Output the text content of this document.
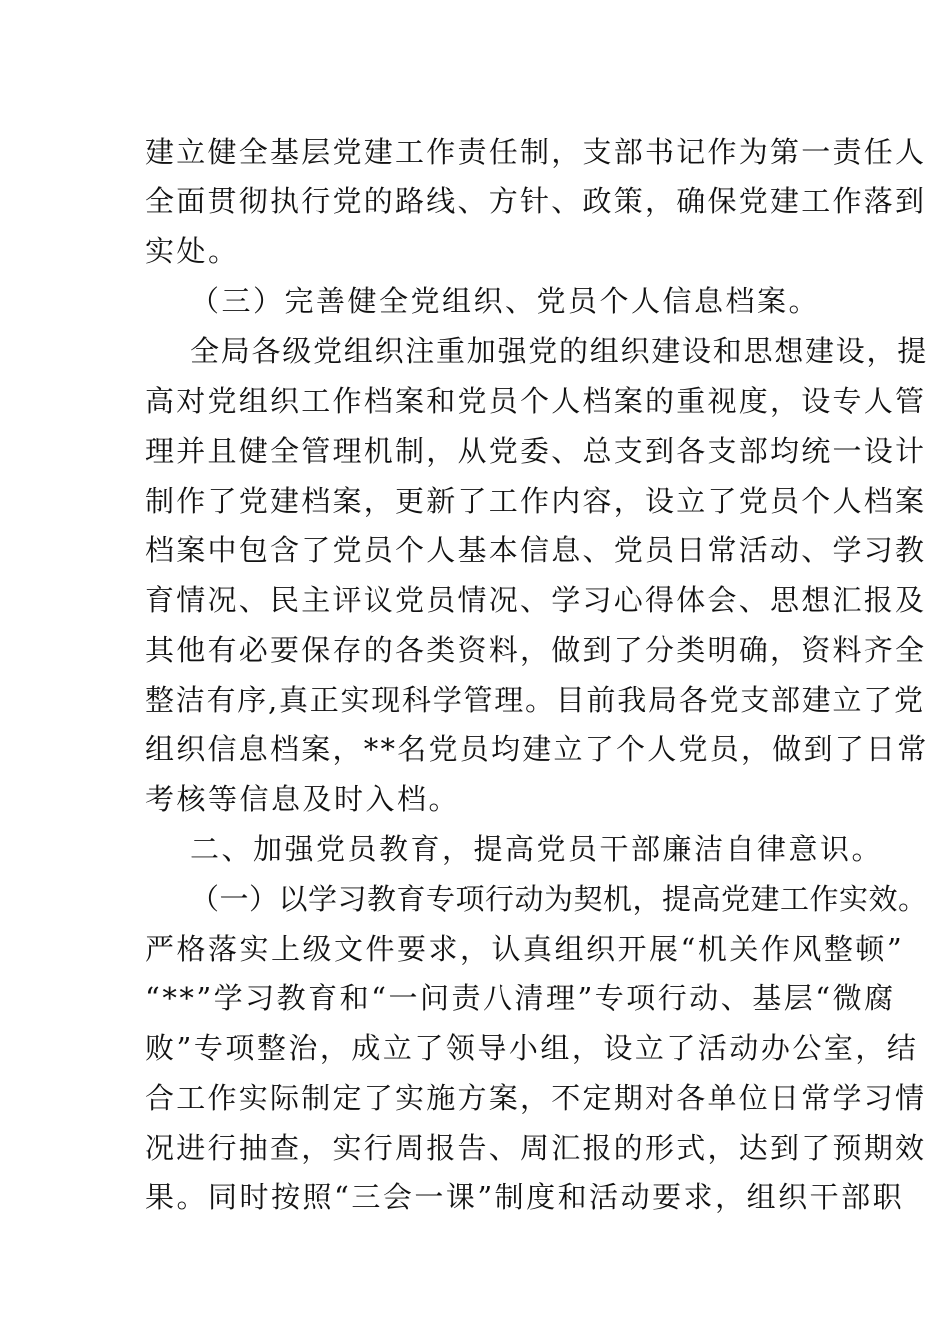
建立健全基层党建工作责任制，支部书记作为第一责任人
全面贯彻执行党的路线、方针、政策，确保党建工作落到
实处。
（三）完善健全党组织、党员个人信息档案。
全局各级党组织注重加强党的组织建设和思想建设，提
高对党组织工作档案和党员个人档案的重视度，设专人管
理并且健全管理机制，从党委、总支到各支部均统一设计
制作了党建档案，更新了工作内容，设立了党员个人档案
档案中包含了党员个人基本信息、党员日常活动、学习教
育情况、民主评议党员情况、学习心得体会、思想汇报及
其他有必要保存的各类资料，做到了分类明确，资料齐全
整洁有序,真正实现科学管理。目前我局各党支部建立了党
组织信息档案，**名党员均建立了个人党员，做到了日常
考核等信息及时入档。
二、加强党员教育，提高党员干部廉洁自律意识。
（一）以学习教育专项行动为契机，提高党建工作实效。
严格落实上级文件要求，认真组织开展“机关作风整顿”
“**”学习教育和“一问责八清理”专项行动、基层“微腐
败”专项整治，成立了领导小组，设立了活动办公室，结
合工作实际制定了实施方案，不定期对各单位日常学习情
况进行抽查，实行周报告、周汇报的形式，达到了预期效
果。同时按照“三会一课”制度和活动要求，组织干部职
